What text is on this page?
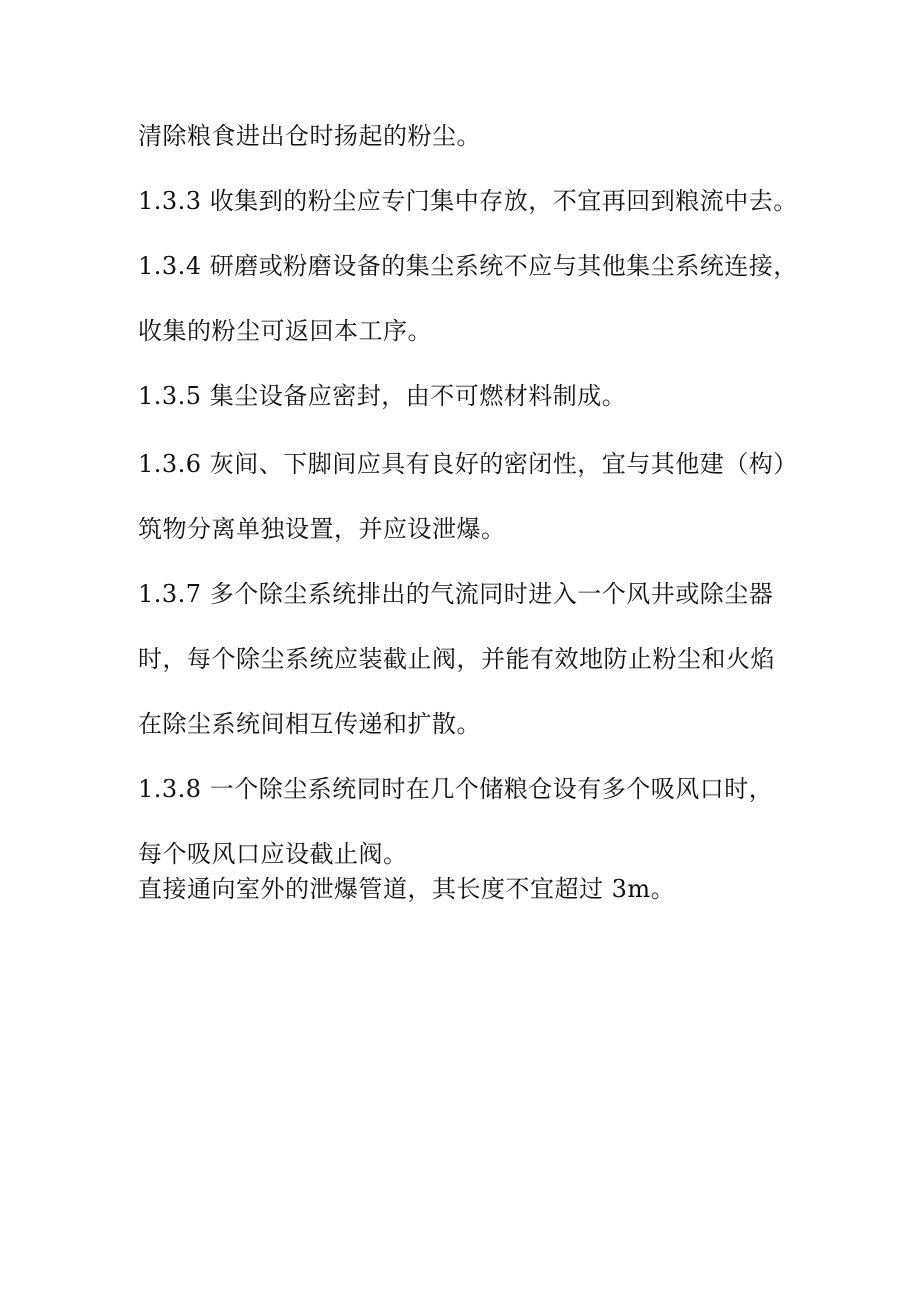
清除粮食进出仓时扬起的粉尘。
1.3.3 收集到的粉尘应专门集中存放，不宜再回到粮流中去。
1.3.4 研磨或粉磨设备的集尘系统不应与其他集尘系统连接，
收集的粉尘可返回本工序。
1.3.5 集尘设备应密封，由不可燃材料制成。
1.3.6 灰间、下脚间应具有良好的密闭性，宜与其他建（构）
筑物分离单独设置，并应设泄爆。
1.3.7 多个除尘系统排出的气流同时进入一个风井或除尘器
时，每个除尘系统应装截止阀，并能有效地防止粉尘和火焰
在除尘系统间相互传递和扩散。
1.3.8 一个除尘系统同时在几个储粮仓设有多个吸风口时，
每个吸风口应设截止阀。
直接通向室外的泄爆管道，其长度不宜超过 3m。
